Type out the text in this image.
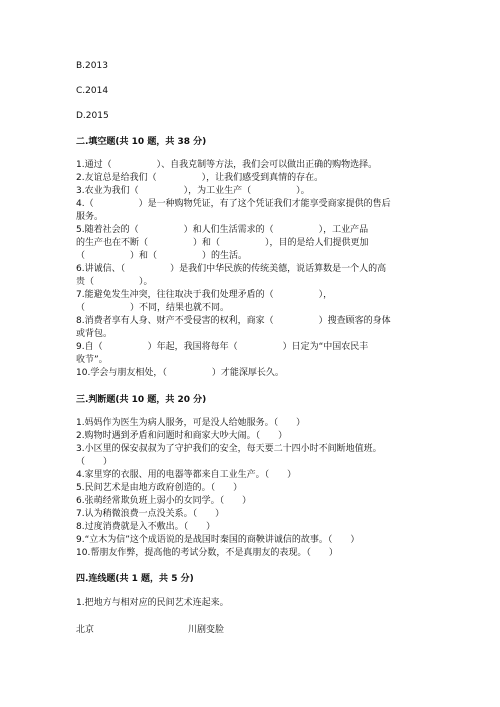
B.2013
C.2014
D.2015
二.填空题(共 10 题，共 38 分)
1.通过（　　　　　）、自我克制等方法，我们会可以做出正确的购物选择。
2.友谊总是给我们（　　　　　），让我们感受到真情的存在。
3.农业为我们（　　　　　），为工业生产（　　　　　）。
4.（　　　　　）是一种购物凭证，有了这个凭证我们才能享受商家提供的售后
服务。
5.随着社会的（　　　　　）和人们生活需求的（　　　　　），工业产品
的生产也在不断（　　　　　）和（　　　　　），目的是给人们提供更加
（　　　　　）和（　　　　　）的生活。
6.讲诚信、（　　　　　）是我们中华民族的传统美德，说话算数是一个人的高
贵（　　　　　）。
7.能避免发生冲突，往往取决于我们处理矛盾的（　　　　　），
（　　　　　）不同，结果也就不同。
8.消费者享有人身、财产不受侵害的权利，商家（　　　　　）搜查顾客的身体
或背包。
9.自（　　　　　）年起，我国将每年（　　　　　）日定为“中国农民丰
收节”。
10.学会与朋友相处，（　　　　　）才能深厚长久。
三.判断题(共 10 题，共 20 分)
1.妈妈作为医生为病人服务，可是没人给她服务。（　　）
2.购物时遇到矛盾和问题时和商家大吵大闹。（　　）
3.小区里的保安叔叔为了守护我们的安全，每天要二十四小时不间断地值班。
（　　）
4.家里穿的衣服、用的电器等都来自工业生产。（　　）
5.民间艺术是由地方政府创造的。（　　）
6.张萌经常欺负班上弱小的女同学。（　　）
7.认为稍微浪费一点没关系。（　　）
8.过度消费就是入不敷出。（　　）
9.“立木为信”这个成语说的是战国时秦国的商鞅讲诚信的故事。（　　）
10.帮朋友作弊，提高他的考试分数，不是真朋友的表现。（　　）
四.连线题(共 1 题，共 5 分)
1.把地方与相对应的民间艺术连起来。
北京	川剧变脸
